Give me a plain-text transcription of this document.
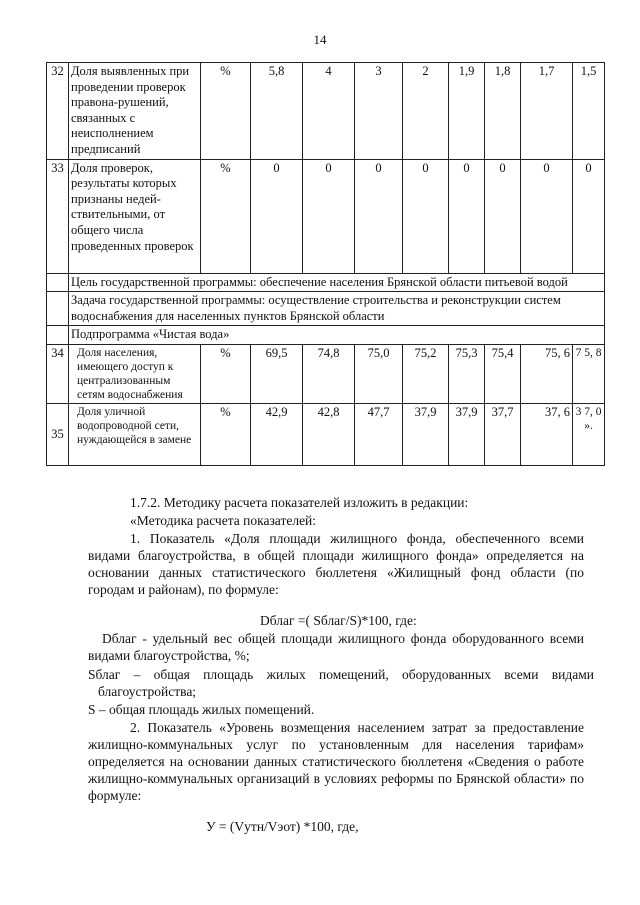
14
32	Доля выявленных при проведении проверок правона-рушений, связанных с неисполнением предписаний	%	5,8	4	3	2	1,9	1,8	1,7	1,5
33	Доля проверок, результаты которых признаны недей-ствительными, от общего числа проведенных проверок	%	0	0	0	0	0	0	0	0
	Цель государственной программы: обеспечение населения Брянской области питьевой водой									
	Задача государственной программы: осуществление строительства и реконструкции систем водоснабжения для населенных пунктов Брянской области									
	Подпрограмма «Чистая вода»									
34	Доля населения, имеющего доступ к централизованным сетям водоснабжения	%	69,5	74,8	75,0	75,2	75,3	75,4	75, 6	7 5, 8
35	Доля уличной водопроводной сети, нуждающейся в замене	%	42,9	42,8	47,7	37,9	37,9	37,7	37, 6	3 7, 0 ».
1.7.2. Методику расчета показателей изложить в редакции:
«Методика расчета показателей:
1. Показатель «Доля площади жилищного фонда, обеспеченного всеми видами благоустройства, в общей площади жилищного фонда» определяется на основании данных статистического бюллетеня «Жилищный фонд области (по городам и районам), по формуле:
Dблаг =( Sблаг/S)*100, где:
Dблаг - удельный вес общей площади жилищного фонда оборудованного всеми видами благоустройства, %;
Sблаг – общая площадь жилых помещений, оборудованных всеми видами благоустройства;
S – общая площадь жилых помещений.
2. Показатель «Уровень возмещения населением затрат за предоставление жилищно-коммунальных услуг по установленным для населения тарифам» определяется на основании данных статистического бюллетеня «Сведения о работе жилищно-коммунальных организаций в условиях реформы по Брянской области» по формуле:
У = (Vутн/Vэот) *100, где,
